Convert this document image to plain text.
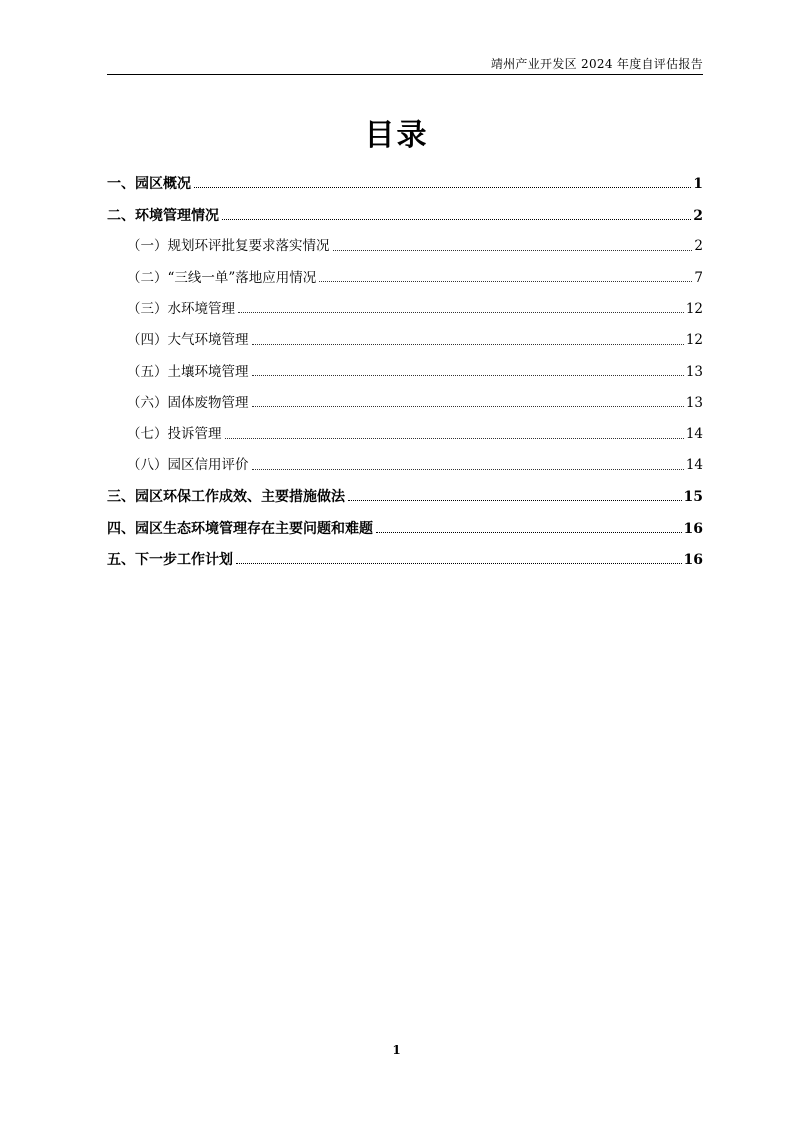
靖州产业开发区 2024 年度自评估报告
目录
一、园区概况	1
二、环境管理情况	2
（一）规划环评批复要求落实情况	2
（二）“三线一单”落地应用情况	7
（三）水环境管理	12
（四）大气环境管理	12
（五）土壤环境管理	13
（六）固体废物管理	13
（七）投诉管理	14
（八）园区信用评价	14
三、园区环保工作成效、主要措施做法	15
四、园区生态环境管理存在主要问题和难题	16
五、下一步工作计划	16
1
